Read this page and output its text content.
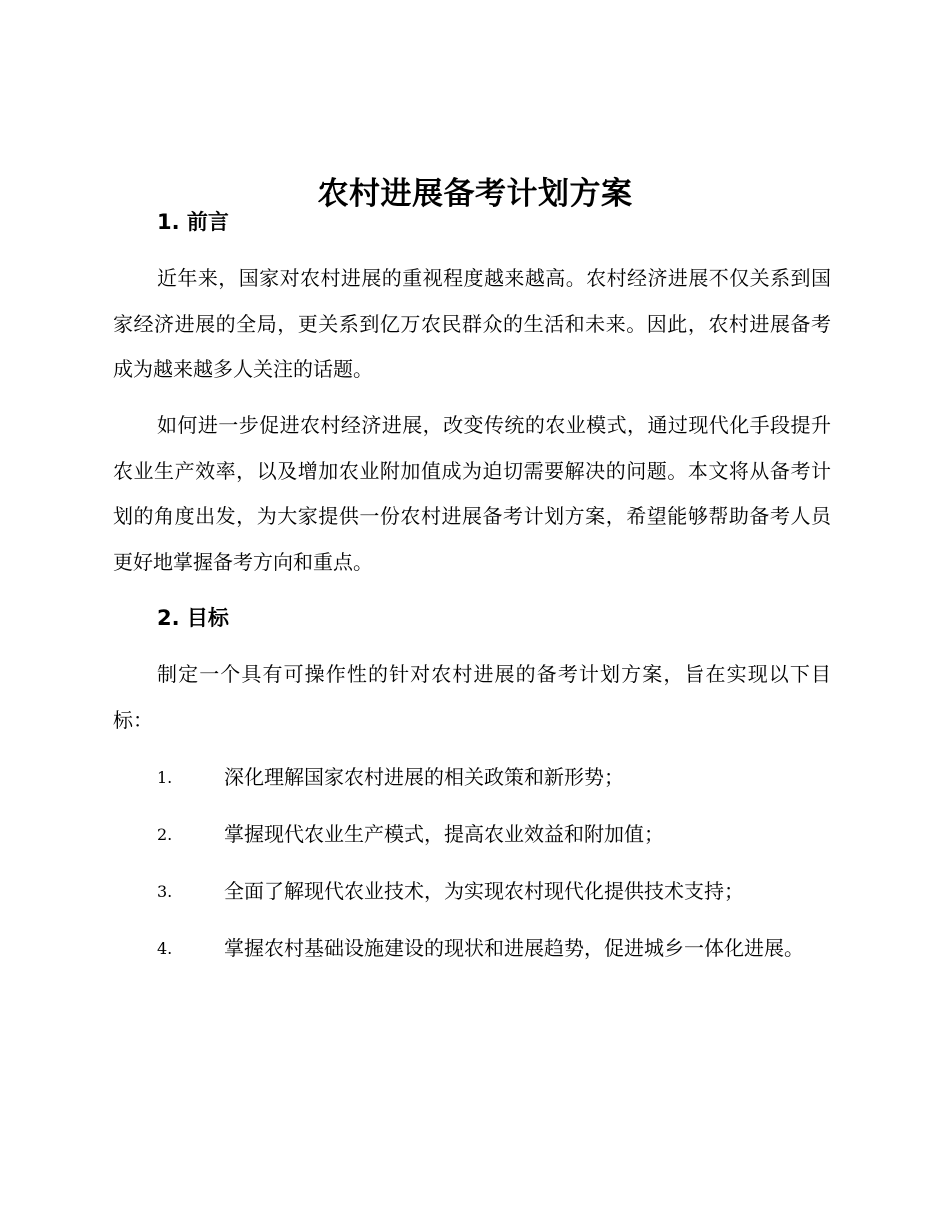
农村进展备考计划方案
1. 前言

近年来，国家对农村进展的重视程度越来越高。农村经济进展不仅关系到国家经济进展的全局，更关系到亿万农民群众的生活和未来。因此，农村进展备考成为越来越多人关注的话题。

如何进一步促进农村经济进展，改变传统的农业模式，通过现代化手段提升农业生产效率，以及增加农业附加值成为迫切需要解决的问题。本文将从备考计划的角度出发，为大家提供一份农村进展备考计划方案，希望能够帮助备考人员更好地掌握备考方向和重点。

2. 目标

制定一个具有可操作性的针对农村进展的备考计划方案，旨在实现以下目标：

1.	深化理解国家农村进展的相关政策和新形势；
2.	掌握现代农业生产模式，提高农业效益和附加值；
3.	全面了解现代农业技术，为实现农村现代化提供技术支持；
4.	掌握农村基础设施建设的现状和进展趋势，促进城乡一体化进展。
